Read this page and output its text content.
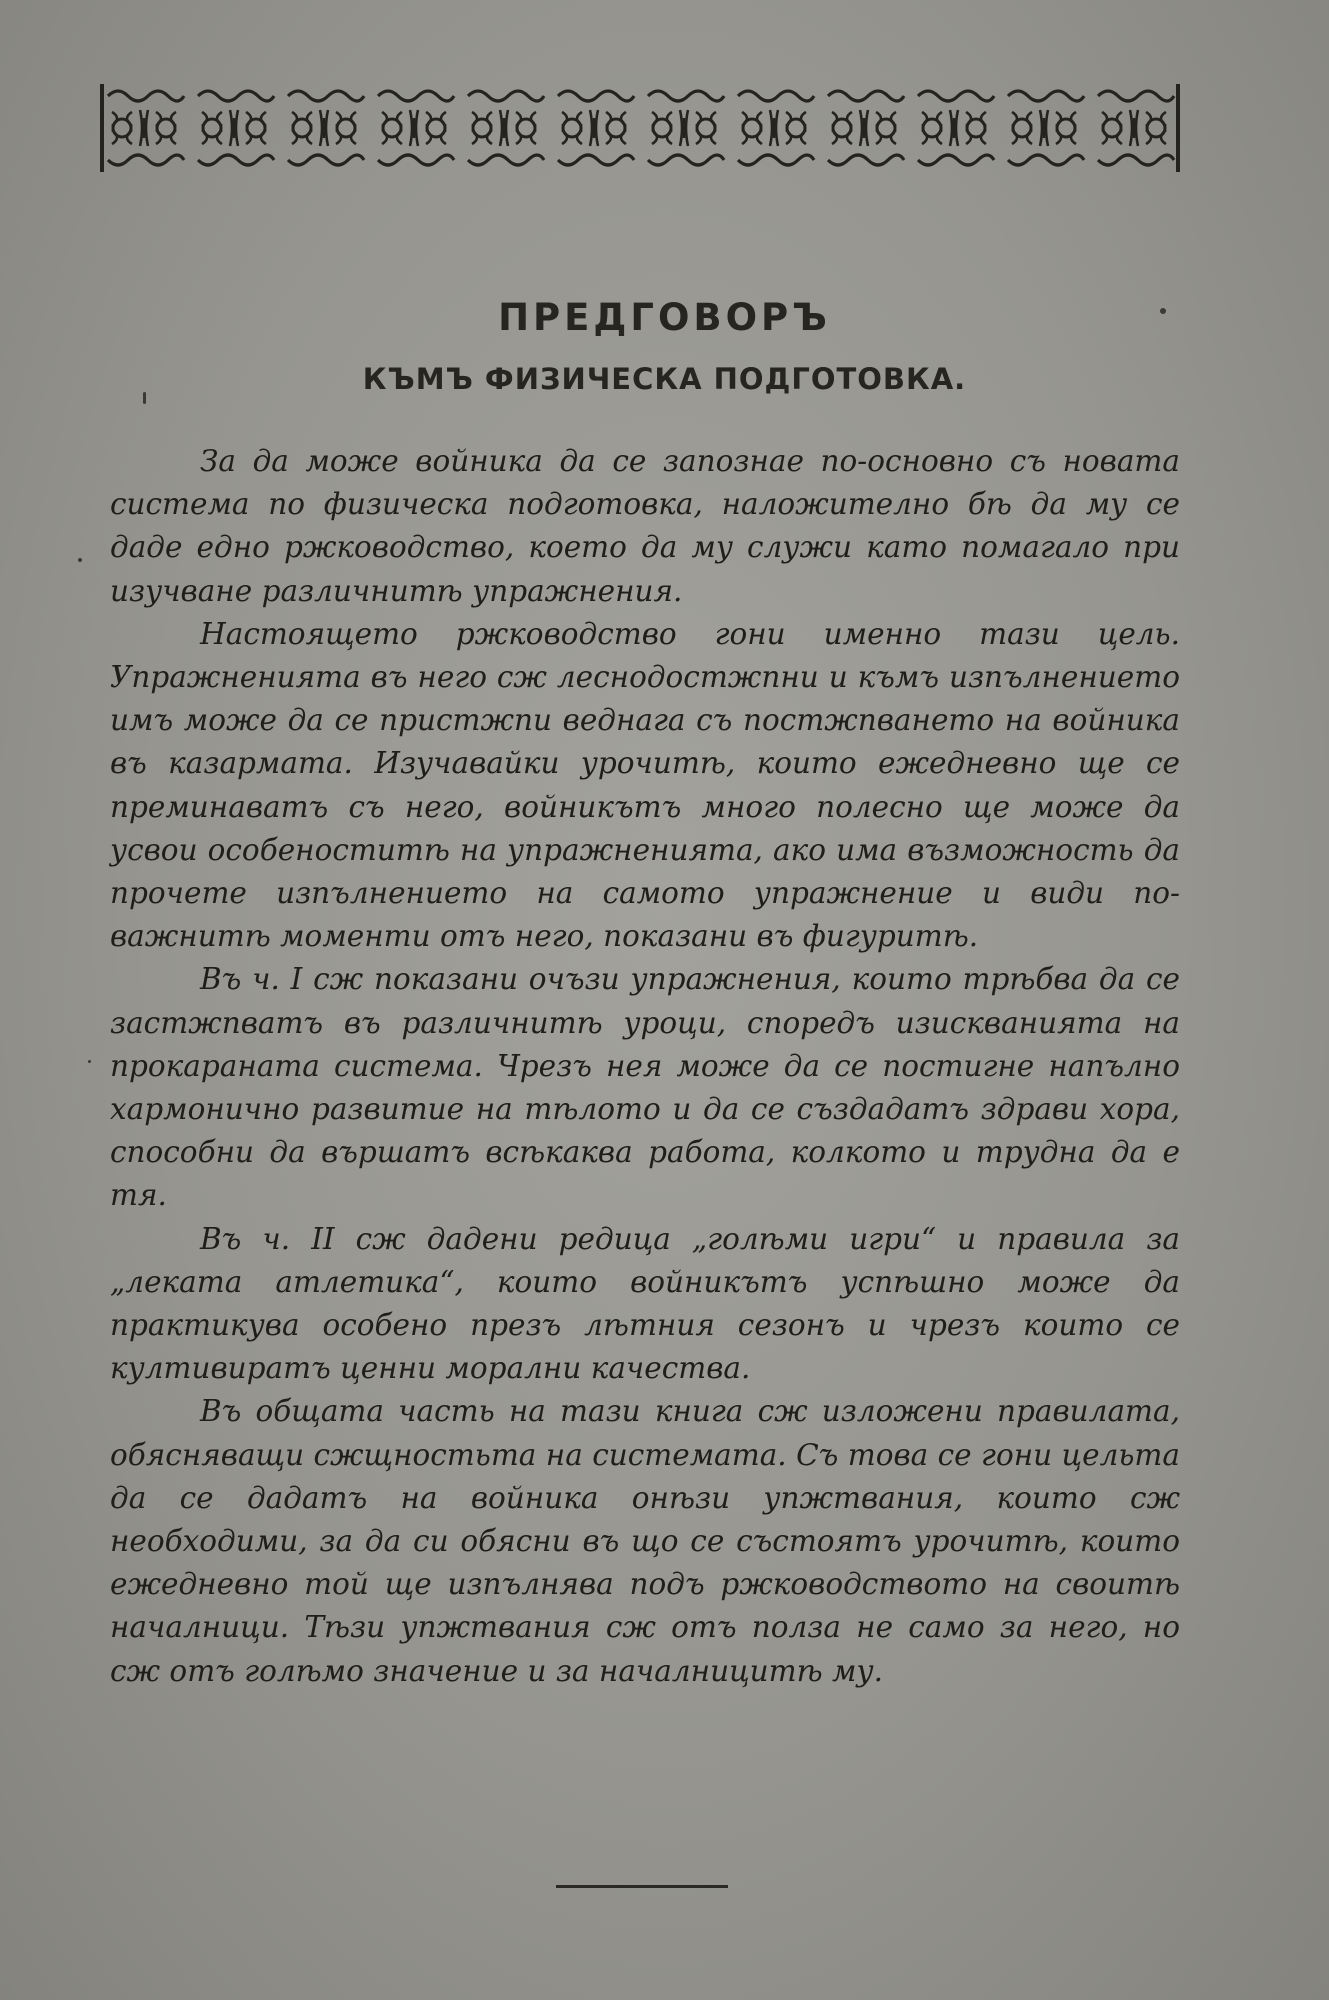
ПРЕДГОВОРЪ
КЪМЪ ФИЗИЧЕСКА ПОДГОТОВКА.

За да може войника да се запознае по-основно съ новата система по физическа подготовка, наложително бѣ да му се даде едно ржководство, което да му служи като помагало при изучване различнитѣ упражнения.

Настоящето ржководство гони именно тази цель. Упражненията въ него сж леснодостжпни и къмъ изпълнението имъ може да се пристжпи веднага съ постжпването на войника въ казармата. Изучавайки урочитѣ, които ежедневно ще се преминаватъ съ него, войникътъ много полесно ще може да усвои особеноститѣ на упражненията, ако има възможность да прочете изпълнението на самото упражнение и види по-важнитѣ моменти отъ него, показани въ фигуритѣ.

Въ ч. I сж показани очъзи упражнения, които трѣбва да се застжпватъ въ различнитѣ уроци, споредъ изискванията на прокараната система. Чрезъ нея може да се постигне напълно хармонично развитие на тѣлото и да се създадатъ здрави хора, способни да вършатъ всѣкаква работа, колкото и трудна да е тя.

Въ ч. II сж дадени редица „голѣми игри“ и правила за „леката атлетика“, които войникътъ успѣшно може да практикува особено презъ лѣтния сезонъ и чрезъ които се култивиратъ ценни морални качества.

Въ общата часть на тази книга сж изложени правилата, обясняващи сжщностьта на системата. Съ това се гони цельта да се дадатъ на войника онѣзи упжтвания, които сж необходими, за да си обясни въ що се състоятъ урочитѣ, които ежедневно той ще изпълнява подъ ржководството на своитѣ началници. Тѣзи упжтвания сж отъ полза не само за него, но сж отъ голѣмо значение и за началницитѣ му.
